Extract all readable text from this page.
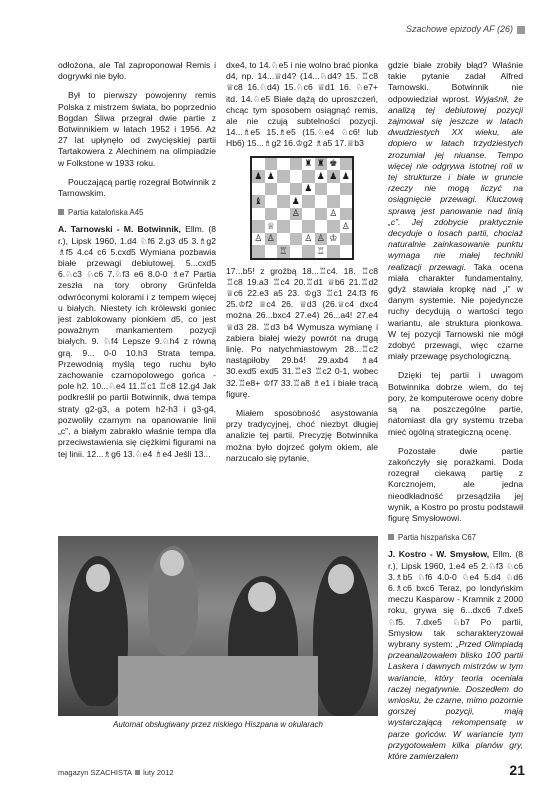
Szachowe epizody AF (26)

odłożona, ale Tal zaproponował Remis i dogrywki nie było.

Był to pierwszy powojenny remis Polska z mistrzem świata, bo poprzednio Bogdan Śliwa przegrał dwie partie z Botwinnikiem w latach 1952 i 1956. Aż 27 lat upłynęło od zwycięskiej partii Tartakowera z Alechinem na olimpiadzie w Folkstone w 1933 roku.

Pouczającą partię rozegrał Botwinnik z Tarnowskim.

Partia katalońska A45

A. Tarnowski - M. Botwinnik, Ellm. (8 r.), Lipsk 1960, 1.d4 ♘f6 2.g3 d5 3.♗g2 ♗f5 4.c4 c6 5.cxd5 Wymiana pozbawia białe przewagi debiutowej. 5...cxd5 6.♘c3 ♘c6 7.♘f3 e6 8.0-0 ♗e7 Partia zeszła na tory obrony Grünfelda odwróconymi kolorami i z tempem więcej u białych. Niestety ich królewski goniec jest zablokowany pionkiem d5, co jest poważnym mankamentem pozycji białych. 9. ♘f4 Lepsze 9.♘h4 z równą grą. 9... 0-0 10.h3 Strata tempa. Przewodnią myślą tego ruchu było zachowanie czarnopolowego gońca - pole h2. 10...♘e4 11.♖c1 ♖c8 12.g4 Jak podkreślił po partii Botwinnik, dwa tempa straty g2-g3, a potem h2-h3 i g3-g4, pozwoliły czarnym na opanowanie linii „c”, a białym zabrakło właśnie tempa dla przeciwstawienia się ciężkimi figurami na tej linii. 12...♗g6 13.♘e4 ♗e4 Jeśli 13...

dxe4, to 14.♘e5 i nie wolno brać pionka d4, np. 14...♕d4? (14...♘d4? 15. ♖c8 ♕c8 16.♘d4) 15.♘c6 ♕d1 16. ♘e7+ itd. 14.♘e5 Białe dążą do uproszczeń, chcąc tym sposobem osiągnąć remis, ale nie czują subtelności pozycji. 14...♗e5 15.♗e5 (15.♘e4 ♘c6! lub Hb6) 15...♗g2 16.♔g2 ♗a5 17.♕b3

♜ ♜ ♚
♟ ♟	♟ ♟ ♟
♟
♝	♟
♙	♙
♕	♙
♙ ♙	♙ ♙ ♔
♖	♖

17...b5! z groźbą 18...♖c4. 18. ♖c8 ♖c8 19.a3 ♖c4 20.♖d1 ♕b6 21.♖d2 ♕c6 22.e3 a5 23. ♔g3 ♖c1 24.f3 f6 25.♔f2 ♕c4 26. ♕d3 (26.♕c4 dxc4 można 26...bxc4 27.e4) 26...a4! 27.e4 ♕d3 28. ♖d3 b4 Wymusza wymianę i zabiera białej wieży powrót na drugą linię. Po natychmiastowym 28...♖c2 nastąpiłoby 29.b4! 29.axb4 ♗a4 30.exd5 exd5 31.♖e3 ♖c2 0-1, wobec 32.♖e8+ ♔f7 33.♖a8 ♗e1 i białe tracą figurę.

Miałem sposobność asystowania przy tradycyjnej, choć niezbyt długiej analizie tej partii. Precyzję Botwinnika można było dojrzeć gołym okiem, ale narzucało się pytanie,

gdzie białe zrobiły błąd? Właśnie takie pytanie zadał Alfred Tarnowski. Botwinnik nie odpowiedział wprost. Wyjaśnił, że analizą tej debiutowej pozycji zajmował się jeszcze w latach dwudziestych XX wieku, ale dopiero w latach trzydziestych zrozumiał jej niuanse. Tempo więcej nie odgrywa istotnej roli w tej strukturze i białe w gruncie rzeczy nie mogą liczyć na osiągnięcie przewagi. Kluczową sprawą jest panowanie nad linią „c”. Jej zdobycie praktycznie decyduje o losach partii, chociaż naturalnie zainkasowanie punktu wymaga nie małej techniki realizacji przewagi. Taka ocena miała charakter fundamentalny, gdyż stawiała kropkę nad „i” w danym systemie. Nie pojedyncze ruchy decydują o wartości tego wariantu, ale struktura pionkowa. W tej pozycji Tarnowski nie mógł zdobyć przewagi, więc czarne miały przewagę psychologiczną.

Dzięki tej partii i uwagom Botwinnika dobrze wiem, do tej pory, że komputerowe oceny dobre są na poszczególne partie, natomiast dla gry systemu trzeba mieć ogólną strategiczną ocenę.

Pozostałe dwie partie zakończyły się porażkami. Doda rozegrał ciekawą partię z Korcznojem, ale jedna nieodkładność przesądziła jej wynik, a Kostro po prostu podstawił figurę Smysłowowi.

Partia hiszpańska C67

J. Kostro - W. Smysłow, Ellm. (8 r.), Lipsk 1960, 1.e4 e5 2.♘f3 ♘c6 3.♗b5 ♘f6 4.0-0 ♘e4 5.d4 ♘d6 6.♗c6 bxc6 Teraz, po londyńskim meczu Kasparow - Kramnik z 2000 roku, grywa się 6...dxc6 7.dxe5 ♘f5. 7.dxe5 ♘b7 Po partii, Smysłow tak scharakteryzował wybrany system: „Przed Olimpiadą przeanalizowałem blisko 100 partii Laskera i dawnych mistrzów w tym wariancie, który teoria oceniała raczej negatywnie. Doszedłem do wniosku, że czarne, mimo pozornie gorszej pozycji, mają wystarczającą rekompensatę w parze gońców. W wariancie tym przygotowałem kilka planów gry, które zamierzałem

Automat obsługiwany przez niskiego Hiszpana w okularach
magazyn SZACHISTA luty 2012	21
